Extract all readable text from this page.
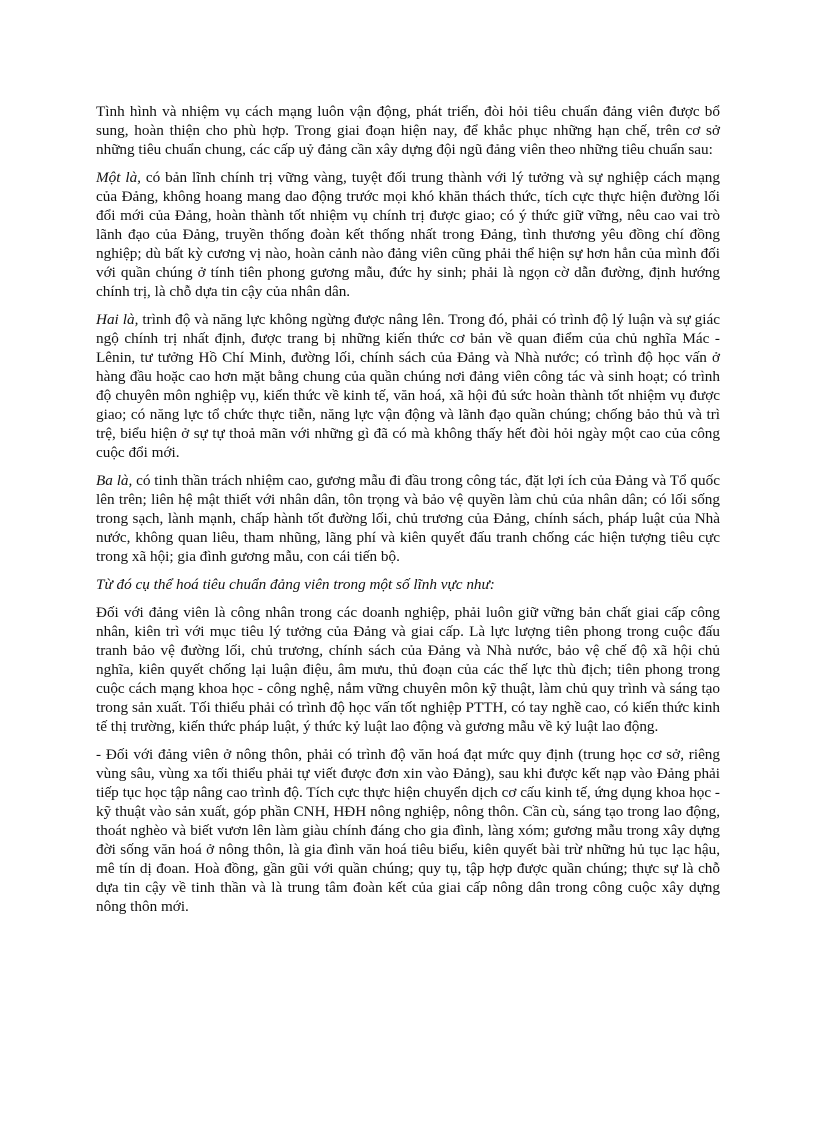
Tình hình và nhiệm vụ cách mạng luôn vận động, phát triển, đòi hỏi tiêu chuẩn đảng viên được bổ sung, hoàn thiện cho phù hợp. Trong giai đoạn hiện nay, để khắc phục những hạn chế, trên cơ sở những tiêu chuẩn chung, các cấp uỷ đảng cần xây dựng đội ngũ đảng viên theo những tiêu chuẩn sau:

Một là, có bản lĩnh chính trị vững vàng, tuyệt đối trung thành với lý tưởng và sự nghiệp cách mạng của Đảng, không hoang mang dao động trước mọi khó khăn thách thức, tích cực thực hiện đường lối đổi mới của Đảng, hoàn thành tốt nhiệm vụ chính trị được giao; có ý thức giữ vững, nêu cao vai trò lãnh đạo của Đảng, truyền thống đoàn kết thống nhất trong Đảng, tình thương yêu đồng chí đồng nghiệp; dù bất kỳ cương vị nào, hoàn cảnh nào đảng viên cũng phải thể hiện sự hơn hẳn của mình đối với quần chúng ở tính tiên phong gương mẫu, đức hy sinh; phải là ngọn cờ dẫn đường, định hướng chính trị, là chỗ dựa tin cậy của nhân dân.

Hai là, trình độ và năng lực không ngừng được nâng lên. Trong đó, phải có trình độ lý luận và sự giác ngộ chính trị nhất định, được trang bị những kiến thức cơ bản về quan điểm của chủ nghĩa Mác - Lênin, tư tưởng Hồ Chí Minh, đường lối, chính sách của Đảng và Nhà nước; có trình độ học vấn ở hàng đầu hoặc cao hơn mặt bằng chung của quần chúng nơi đảng viên công tác và sinh hoạt; có trình độ chuyên môn nghiệp vụ, kiến thức về kinh tế, văn hoá, xã hội đủ sức hoàn thành tốt nhiệm vụ được giao; có năng lực tổ chức thực tiễn, năng lực vận động và lãnh đạo quần chúng; chống bảo thủ và trì trệ, biểu hiện ở sự tự thoả mãn với những gì đã có mà không thấy hết đòi hỏi ngày một cao của công cuộc đổi mới.

Ba là, có tinh thần trách nhiệm cao, gương mẫu đi đầu trong công tác, đặt lợi ích của Đảng và Tổ quốc lên trên; liên hệ mật thiết với nhân dân, tôn trọng và bảo vệ quyền làm chủ của nhân dân; có lối sống trong sạch, lành mạnh, chấp hành tốt đường lối, chủ trương của Đảng, chính sách, pháp luật của Nhà nước, không quan liêu, tham nhũng, lãng phí và kiên quyết đấu tranh chống các hiện tượng tiêu cực trong xã hội; gia đình gương mẫu, con cái tiến bộ.

Từ đó cụ thể hoá tiêu chuẩn đảng viên trong một số lĩnh vực như:

Đối với đảng viên là công nhân trong các doanh nghiệp, phải luôn giữ vững bản chất giai cấp công nhân, kiên trì với mục tiêu lý tưởng của Đảng và giai cấp. Là lực lượng tiên phong trong cuộc đấu tranh bảo vệ đường lối, chủ trương, chính sách của Đảng và Nhà nước, bảo vệ chế độ xã hội chủ nghĩa, kiên quyết chống lại luận điệu, âm mưu, thủ đoạn của các thế lực thù địch; tiên phong trong cuộc cách mạng khoa học - công nghệ, nắm vững chuyên môn kỹ thuật, làm chủ quy trình và sáng tạo trong sản xuất. Tối thiểu phải có trình độ học vấn tốt nghiệp PTTH, có tay nghề cao, có kiến thức kinh tế thị trường, kiến thức pháp luật, ý thức kỷ luật lao động và gương mẫu về kỷ luật lao động.

- Đối với đảng viên ở nông thôn, phải có trình độ văn hoá đạt mức quy định (trung học cơ sở, riêng vùng sâu, vùng xa tối thiểu phải tự viết được đơn xin vào Đảng), sau khi được kết nạp vào Đảng phải tiếp tục học tập nâng cao trình độ. Tích cực thực hiện chuyển dịch cơ cấu kinh tế, ứng dụng khoa học - kỹ thuật vào sản xuất, góp phần CNH, HĐH nông nghiệp, nông thôn. Cần cù, sáng tạo trong lao động, thoát nghèo và biết vươn lên làm giàu chính đáng cho gia đình, làng xóm; gương mẫu trong xây dựng đời sống văn hoá ở nông thôn, là gia đình văn hoá tiêu biểu, kiên quyết bài trừ những hủ tục lạc hậu, mê tín dị đoan. Hoà đồng, gần gũi với quần chúng; quy tụ, tập hợp được quần chúng; thực sự là chỗ dựa tin cậy về tinh thần và là trung tâm đoàn kết của giai cấp nông dân trong công cuộc xây dựng nông thôn mới.
